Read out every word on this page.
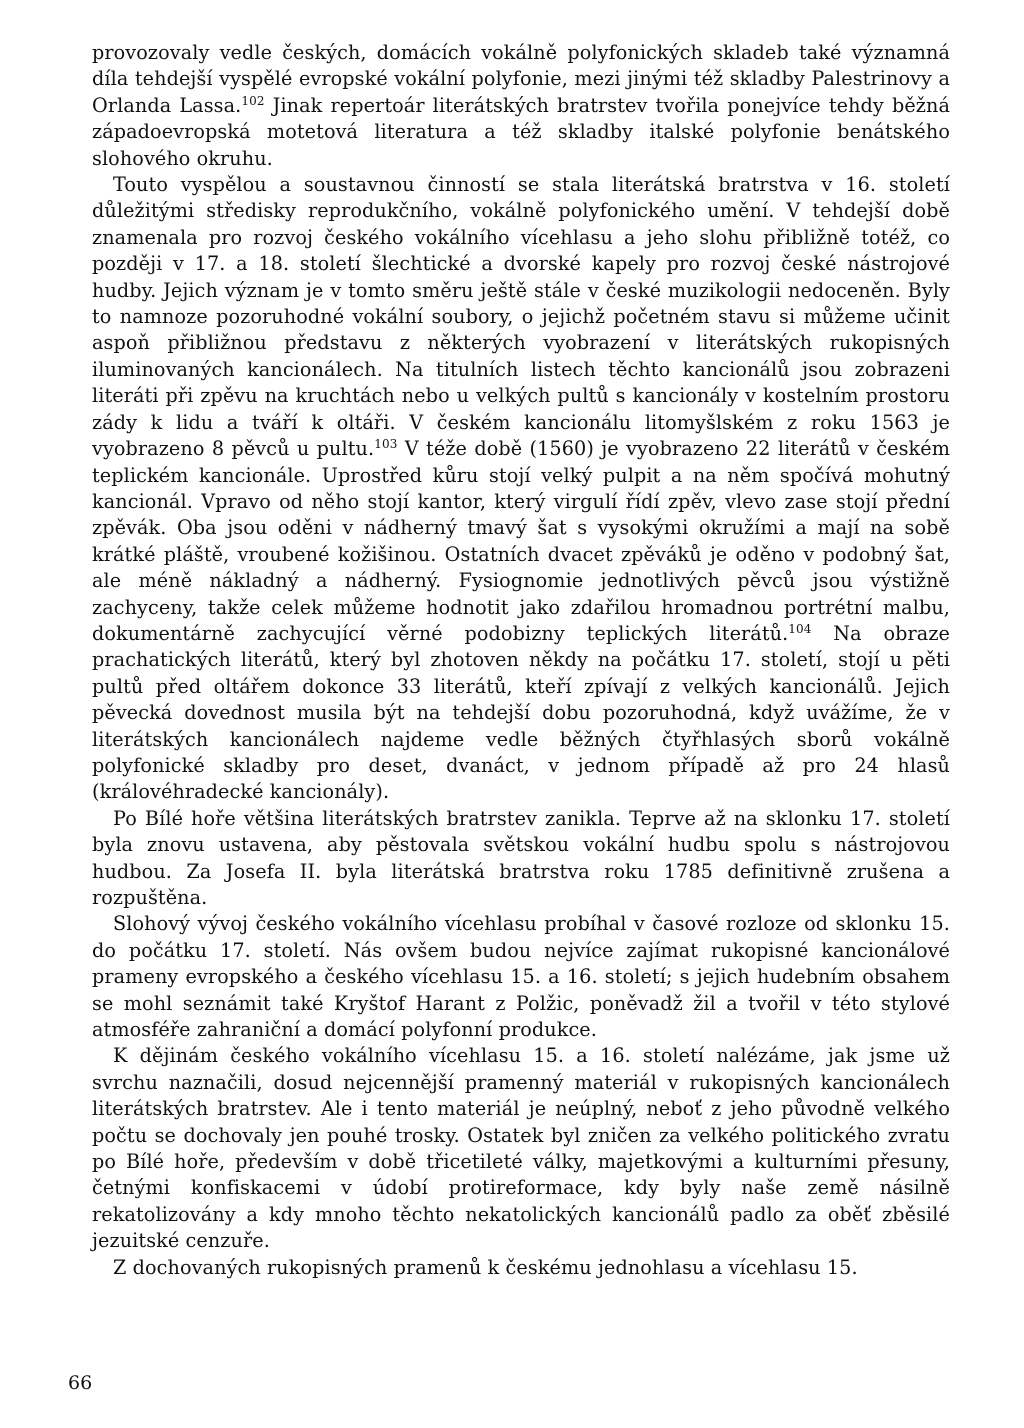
provozovaly vedle českých, domácích vokálně polyfonických skladeb také významná díla tehdejší vyspělé evropské vokální polyfonie, mezi jinými též skladby Palestrinovy a Orlanda Lassa.$^{102}$ Jinak repertoár literátských bratrstev tvořila ponejvíce tehdy běžná západoevropská motetová literatura a též skladby italské polyfonie benátského slohového okruhu.

Touto vyspělou a soustavnou činností se stala literátská bratrstva v 16. století důležitými středisky reprodukčního, vokálně polyfonického umění. V tehdejší době znamenala pro rozvoj českého vokálního vícehlasu a jeho slohu přibližně totéž, co později v 17. a 18. století šlechtické a dvorské kapely pro rozvoj české nástrojové hudby. Jejich význam je v tomto směru ještě stále v české muzikologii nedoceněn. Byly to namnoze pozoruhodné vokální soubory, o jejichž početném stavu si můžeme učinit aspoň přibližnou představu z některých vyobrazení v literátských rukopisných iluminovaných kancionálech. Na titulních listech těchto kancionálů jsou zobrazeni literáti při zpěvu na kruchtách nebo u velkých pultů s kancionály v kostelním prostoru zády k lidu a tváří k oltáři. V českém kancionálu litomyšlském z roku 1563 je vyobrazeno 8 pěvců u pultu.$^{103}$ V téže době (1560) je vyobrazeno 22 literátů v českém teplickém kancionále. Uprostřed kůru stojí velký pulpit a na něm spočívá mohutný kancionál. Vpravo od něho stojí kantor, který virgulí řídí zpěv, vlevo zase stojí přední zpěvák. Oba jsou oděni v nádherný tmavý šat s vysokými okružími a mají na sobě krátké pláště, vroubené kožišinou. Ostatních dvacet zpěváků je oděno v podobný šat, ale méně nákladný a nádherný. Fysiognomie jednotlivých pěvců jsou výstižně zachyceny, takže celek můžeme hodnotit jako zdařilou hromadnou portrétní malbu, dokumentárně zachycující věrné podobizny teplických literátů.$^{104}$ Na obraze prachatických literátů, který byl zhotoven někdy na počátku 17. století, stojí u pěti pultů před oltářem dokonce 33 literátů, kteří zpívají z velkých kancionálů. Jejich pěvecká dovednost musila být na tehdejší dobu pozoruhodná, když uvážíme, že v literátských kancionálech najdeme vedle běžných čtyřhlasých sborů vokálně polyfonické skladby pro deset, dvanáct, v jednom případě až pro 24 hlasů (královéhradecké kancionály).

Po Bílé hoře většina literátských bratrstev zanikla. Teprve až na sklonku 17. století byla znovu ustavena, aby pěstovala světskou vokální hudbu spolu s nástrojovou hudbou. Za Josefa II. byla literátská bratrstva roku 1785 definitivně zrušena a rozpuštěna.

Slohový vývoj českého vokálního vícehlasu probíhal v časové rozloze od sklonku 15. do počátku 17. století. Nás ovšem budou nejvíce zajímat rukopisné kancionálové prameny evropského a českého vícehlasu 15. a 16. století; s jejich hudebním obsahem se mohl seznámit také Kryštof Harant z Polžic, poněvadž žil a tvořil v této stylové atmosféře zahraniční a domácí polyfonní produkce.

K dějinám českého vokálního vícehlasu 15. a 16. století nalézáme, jak jsme už svrchu naznačili, dosud nejcennější pramenný materiál v rukopisných kancionálech literátských bratrstev. Ale i tento materiál je neúplný, neboť z jeho původně velkého počtu se dochovaly jen pouhé trosky. Ostatek byl zničen za velkého politického zvratu po Bílé hoře, především v době třicetileté války, majetkovými a kulturními přesuny, četnými konfiskacemi v údobí protireformace, kdy byly naše země násilně rekatolizovány a kdy mnoho těchto nekatolických kancionálů padlo za oběť zběsilé jezuitské cenzuře.

Z dochovaných rukopisných pramenů k českému jednohlasu a vícehlasu 15.

66
